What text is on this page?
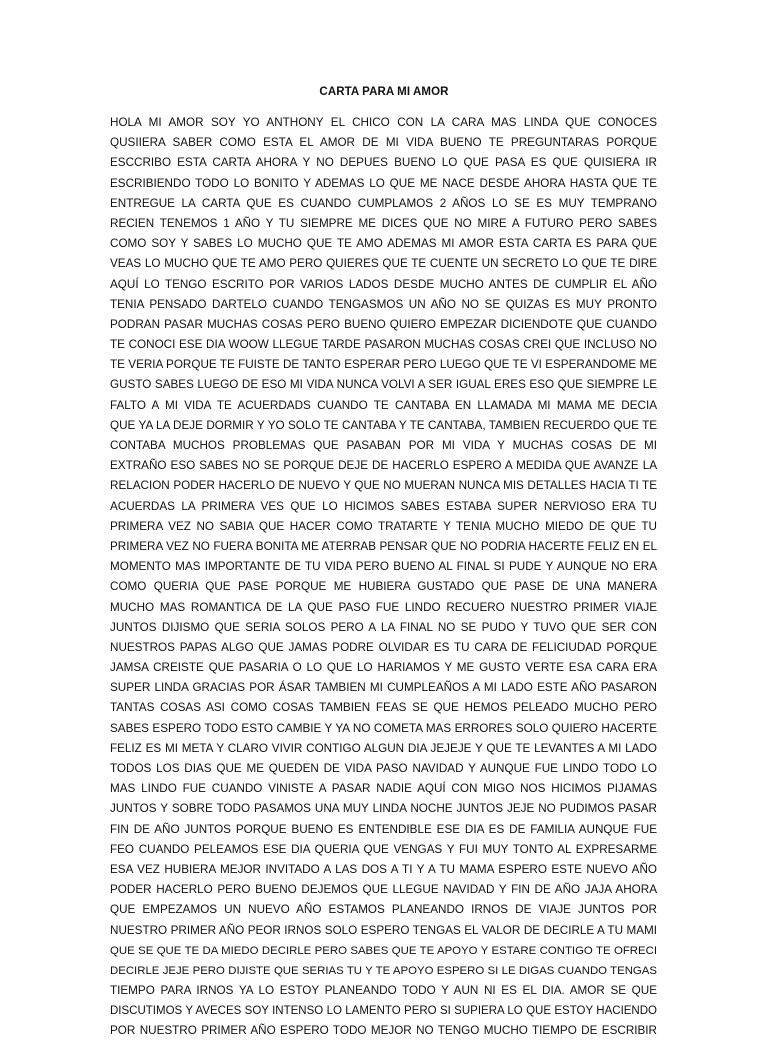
CARTA PARA MI AMOR
HOLA MI AMOR SOY YO ANTHONY EL CHICO CON LA CARA MAS LINDA QUE CONOCES
QUSIIERA SABER COMO ESTA EL AMOR DE MI VIDA BUENO TE PREGUNTARAS PORQUE
ESCCRIBO ESTA CARTA AHORA Y NO DEPUES BUENO LO QUE PASA ES QUE QUISIERA IR
ESCRIBIENDO TODO LO BONITO Y ADEMAS LO QUE ME NACE DESDE AHORA HASTA QUE TE
ENTREGUE LA CARTA QUE ES CUANDO CUMPLAMOS 2 AÑOS LO SE ES MUY TEMPRANO
RECIEN TENEMOS 1 AÑO Y TU SIEMPRE ME DICES QUE NO MIRE A FUTURO PERO SABES
COMO SOY Y SABES LO MUCHO QUE TE AMO ADEMAS MI AMOR ESTA CARTA ES PARA QUE
VEAS LO MUCHO QUE TE AMO PERO QUIERES QUE TE CUENTE UN SECRETO LO QUE TE DIRE
AQUÍ LO TENGO ESCRITO POR VARIOS LADOS DESDE MUCHO ANTES DE CUMPLIR EL AÑO
TENIA PENSADO DARTELO CUANDO TENGASMOS UN AÑO NO SE QUIZAS ES MUY PRONTO
PODRAN PASAR MUCHAS COSAS PERO BUENO QUIERO EMPEZAR DICIENDOTE QUE CUANDO
TE CONOCI ESE DIA WOOW LLEGUE TARDE PASARON MUCHAS COSAS CREI QUE INCLUSO NO
TE VERIA PORQUE TE FUISTE DE TANTO ESPERAR PERO LUEGO QUE TE VI ESPERANDOME ME
GUSTO SABES LUEGO DE ESO MI VIDA NUNCA VOLVI A SER IGUAL ERES ESO QUE SIEMPRE LE
FALTO A MI VIDA TE ACUERDADS CUANDO TE CANTABA EN LLAMADA MI MAMA ME DECIA
QUE YA LA DEJE DORMIR Y YO SOLO TE CANTABA Y TE CANTABA, TAMBIEN RECUERDO QUE TE
CONTABA MUCHOS PROBLEMAS QUE PASABAN POR MI VIDA Y MUCHAS COSAS DE MI
EXTRAÑO ESO SABES NO SE PORQUE DEJE DE HACERLO ESPERO A MEDIDA QUE AVANZE LA
RELACION PODER HACERLO DE NUEVO Y QUE NO MUERAN NUNCA MIS DETALLES HACIA TI TE
ACUERDAS LA PRIMERA VES QUE LO HICIMOS SABES ESTABA SUPER NERVIOSO ERA TU
PRIMERA VEZ NO SABIA QUE HACER COMO TRATARTE Y TENIA MUCHO MIEDO DE QUE TU
PRIMERA VEZ NO FUERA BONITA ME ATERRAB PENSAR QUE NO PODRIA HACERTE FELIZ EN EL
MOMENTO MAS IMPORTANTE DE TU VIDA PERO BUENO AL FINAL SI PUDE Y AUNQUE NO ERA
COMO QUERIA QUE PASE PORQUE ME HUBIERA GUSTADO QUE PASE DE UNA MANERA
MUCHO MAS ROMANTICA DE LA QUE PASO FUE LINDO RECUERO NUESTRO PRIMER VIAJE
JUNTOS DIJISMO QUE SERIA SOLOS PERO A LA FINAL NO SE PUDO Y TUVO QUE SER CON
NUESTROS PAPAS ALGO QUE JAMAS PODRE OLVIDAR ES TU CARA DE FELICIUDAD PORQUE
JAMSA CREISTE QUE PASARIA O LO QUE LO HARIAMOS Y ME GUSTO VERTE ESA CARA ERA
SUPER LINDA GRACIAS POR ÁSAR TAMBIEN MI CUMPLEAÑOS A MI LADO ESTE AÑO PASARON
TANTAS COSAS ASI COMO COSAS TAMBIEN FEAS SE QUE HEMOS PELEADO MUCHO PERO
SABES ESPERO TODO ESTO CAMBIE Y YA NO COMETA MAS ERRORES SOLO QUIERO HACERTE
FELIZ ES MI META Y CLARO VIVIR CONTIGO ALGUN DIA JEJEJE Y QUE TE LEVANTES A MI LADO
TODOS LOS DIAS QUE ME QUEDEN DE VIDA PASO NAVIDAD Y AUNQUE FUE LINDO TODO LO
MAS LINDO FUE CUANDO VINISTE A PASAR NADIE AQUÍ CON MIGO NOS HICIMOS PIJAMAS
JUNTOS Y SOBRE TODO PASAMOS UNA MUY LINDA NOCHE JUNTOS JEJE NO PUDIMOS PASAR
FIN DE AÑO JUNTOS PORQUE BUENO ES ENTENDIBLE ESE DIA ES DE FAMILIA AUNQUE FUE
FEO CUANDO PELEAMOS ESE DIA QUERIA QUE VENGAS Y FUI MUY TONTO AL EXPRESARME
ESA VEZ HUBIERA MEJOR INVITADO A LAS DOS A TI Y A TU MAMA ESPERO ESTE NUEVO AÑO
PODER HACERLO PERO BUENO DEJEMOS QUE LLEGUE NAVIDAD Y FIN DE AÑO JAJA AHORA
QUE EMPEZAMOS UN NUEVO AÑO ESTAMOS PLANEANDO IRNOS DE VIAJE JUNTOS POR
NUESTRO PRIMER AÑO PEOR IRNOS SOLO ESPERO TENGAS EL VALOR DE DECIRLE A TU MAMI
QUE SE QUE TE DA MIEDO DECIRLE PERO SABES QUE TE APOYO Y ESTARE CONTIGO TE OFRECI
DECIRLE JEJE PERO DIJISTE QUE SERIAS TU Y TE APOYO ESPERO SI LE DIGAS CUANDO TENGAS
TIEMPO PARA IRNOS YA LO ESTOY PLANEANDO TODO Y AUN NI ES EL DIA. AMOR SE QUE
DISCUTIMOS Y AVECES SOY INTENSO LO LAMENTO PERO SI SUPIERA LO QUE ESTOY HACIENDO
POR NUESTRO PRIMER AÑO ESPERO TODO MEJOR NO TENGO MUCHO TIEMPO DE ESCRIBIR
